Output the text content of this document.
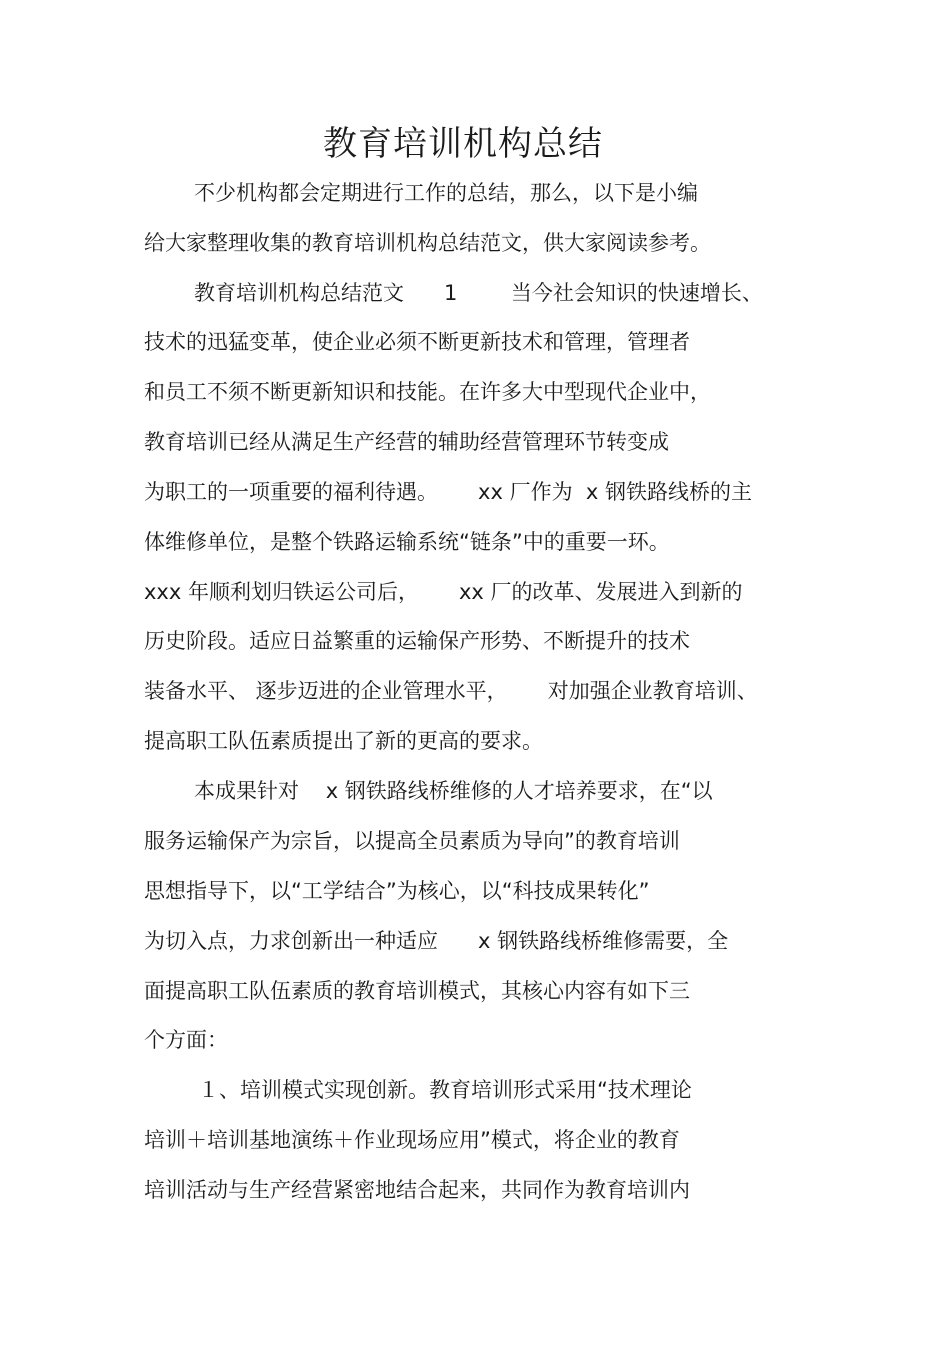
教育培训机构总结
不少机构都会定期进行工作的总结，那么，以下是小编
给大家整理收集的教育培训机构总结范文，供大家阅读参考。
教育培训机构总结范文      1        当今社会知识的快速增长、
技术的迅猛变革，使企业必须不断更新技术和管理，管理者
和员工不须不断更新知识和技能。在许多大中型现代企业中，
教育培训已经从满足生产经营的辅助经营管理环节转变成
为职工的一项重要的福利待遇。      xx 厂作为  x 钢铁路线桥的主
体维修单位，是整个铁路运输系统“链条”中的重要一环。
xxx 年顺利划归铁运公司后，      xx 厂的改革、发展进入到新的
历史阶段。适应日益繁重的运输保产形势、不断提升的技术
装备水平、 逐步迈进的企业管理水平，      对加强企业教育培训、
提高职工队伍素质提出了新的更高的要求。
本成果针对    x 钢铁路线桥维修的人才培养要求，在“以
服务运输保产为宗旨，以提高全员素质为导向”的教育培训
思想指导下，以“工学结合”为核心，以“科技成果转化”
为切入点，力求创新出一种适应      x 钢铁路线桥维修需要，全
面提高职工队伍素质的教育培训模式，其核心内容有如下三
个方面：
１、培训模式实现创新。教育培训形式采用“技术理论
培训＋培训基地演练＋作业现场应用”模式，将企业的教育
培训活动与生产经营紧密地结合起来，共同作为教育培训内
